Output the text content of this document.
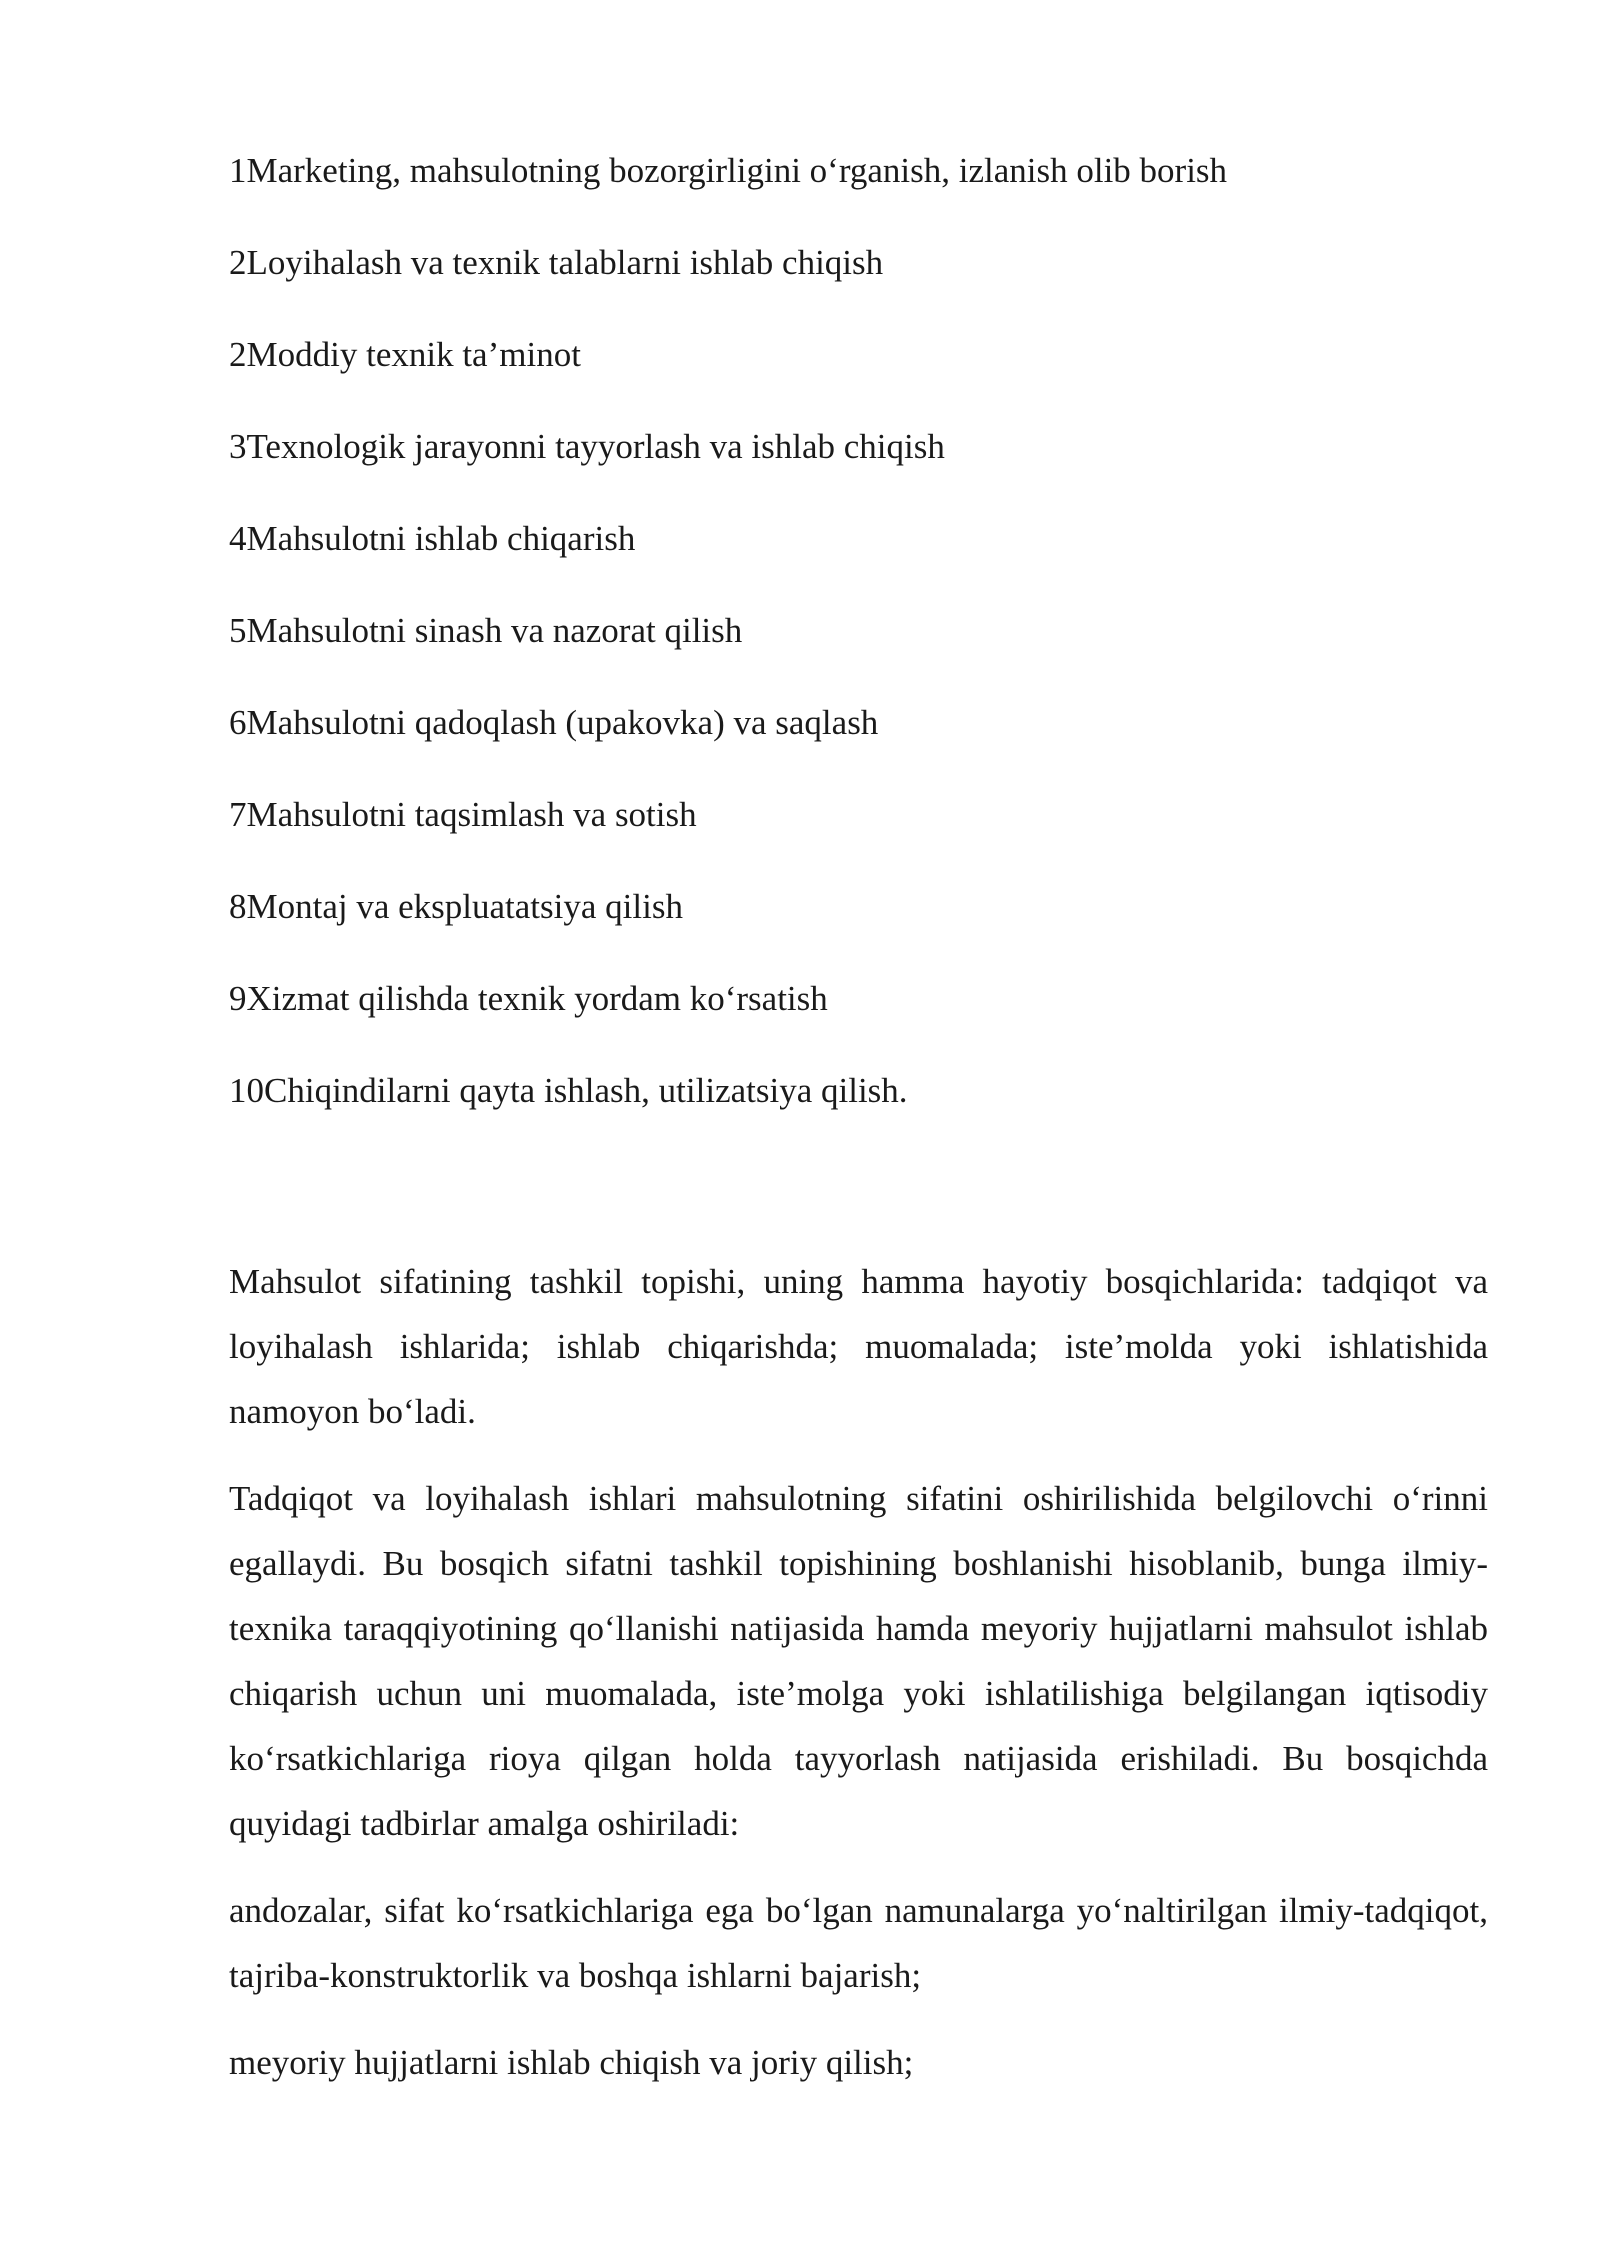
1Marketing, mahsulotning bozorgirligini o‘rganish, izlanish olib borish
2Loyihalash va texnik talablarni ishlab chiqish
2Moddiy texnik ta’minot
3Texnologik jarayonni tayyorlash va ishlab chiqish
4Mahsulotni ishlab chiqarish
5Mahsulotni sinash va nazorat qilish
6Mahsulotni qadoqlash (upakovka) va saqlash
7Mahsulotni taqsimlash va sotish
8Montaj va ekspluatatsiya qilish
9Xizmat qilishda texnik yordam ko‘rsatish
10Chiqindilarni qayta ishlash, utilizatsiya qilish.

Mahsulot sifatining tashkil topishi, uning hamma hayotiy bosqichlarida: tadqiqot va loyihalash ishlarida; ishlab chiqarishda; muomalada; iste’molda yoki ishlatishida namoyon bo‘ladi.

Tadqiqot va loyihalash ishlari mahsulotning sifatini oshirilishida belgilovchi o‘rinni egallaydi. Bu bosqich sifatni tashkil topishining boshlanishi hisoblanib, bunga ilmiy-texnika taraqqiyotining qo‘llanishi natijasida hamda meyoriy hujjatlarni mahsulot ishlab chiqarish uchun uni muomalada, iste’molga yoki ishlatilishiga belgilangan iqtisodiy ko‘rsatkichlariga rioya qilgan holda tayyorlash natijasida erishiladi. Bu bosqichda quyidagi tadbirlar amalga oshiriladi:

andozalar, sifat ko‘rsatkichlariga ega bo‘lgan namunalarga yo‘naltirilgan ilmiy-tadqiqot, tajriba-konstruktorlik va boshqa ishlarni bajarish;

meyoriy hujjatlarni ishlab chiqish va joriy qilish;
